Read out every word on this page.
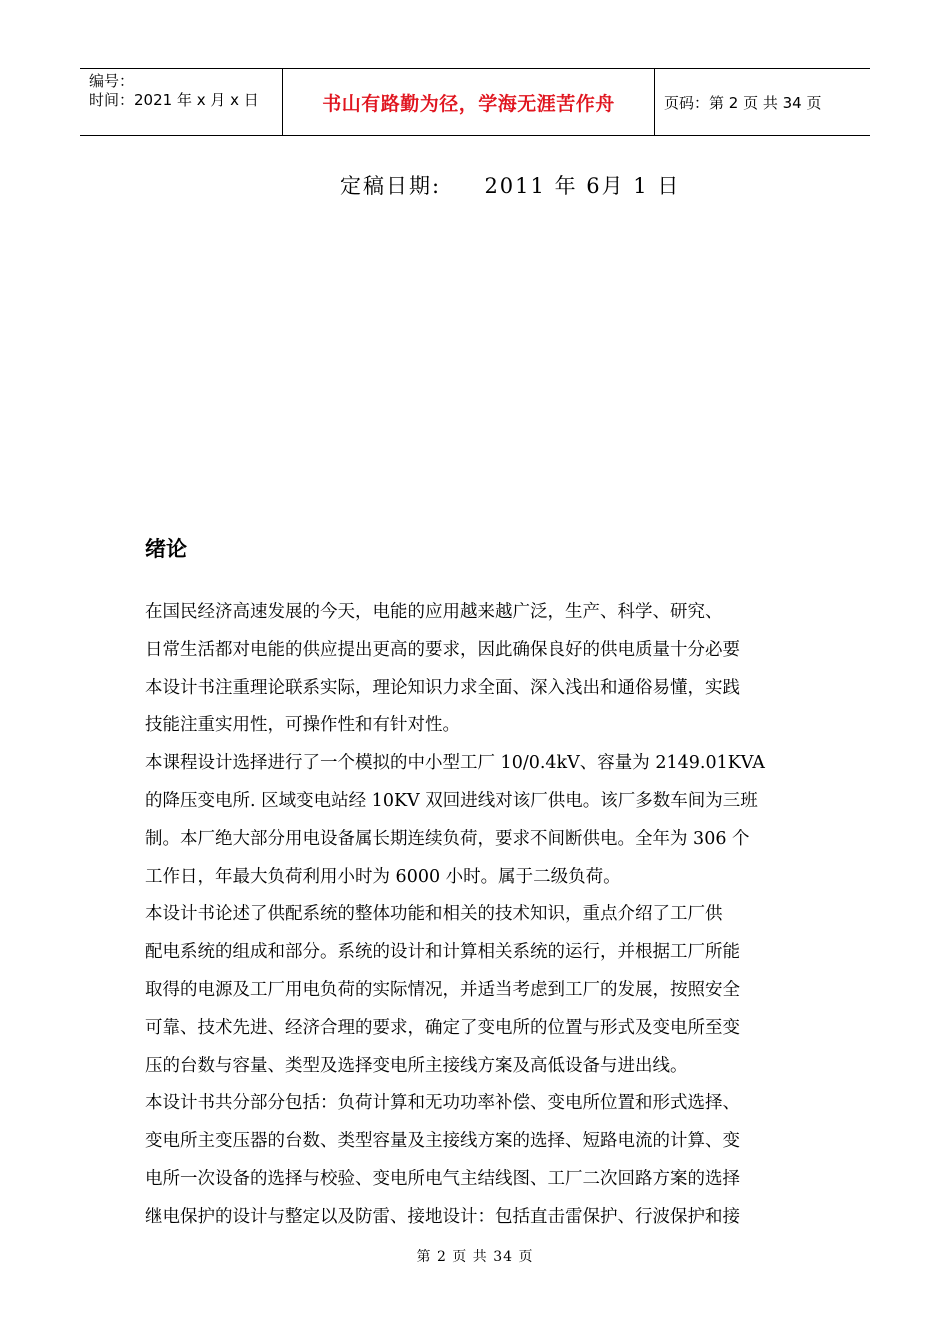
编号：
时间：2021 年 x 月 x 日	书山有路勤为径，学海无涯苦作舟	页码：第 2 页 共 34 页
定稿日期:     2011 年 6月 1 日
绪论
在国民经济高速发展的今天，电能的应用越来越广泛，生产、科学、研究、
日常生活都对电能的供应提出更高的要求，因此确保良好的供电质量十分必要
本设计书注重理论联系实际，理论知识力求全面、深入浅出和通俗易懂，实践
技能注重实用性，可操作性和有针对性。
本课程设计选择进行了一个模拟的中小型工厂 10/0.4kV、容量为 2149.01KVA
的降压变电所. 区域变电站经 10KV 双回进线对该厂供电。该厂多数车间为三班
制。本厂绝大部分用电设备属长期连续负荷，要求不间断供电。全年为 306 个
工作日，年最大负荷利用小时为 6000 小时。属于二级负荷。
本设计书论述了供配系统的整体功能和相关的技术知识，重点介绍了工厂供
配电系统的组成和部分。系统的设计和计算相关系统的运行，并根据工厂所能
取得的电源及工厂用电负荷的实际情况，并适当考虑到工厂的发展，按照安全
可靠、技术先进、经济合理的要求，确定了变电所的位置与形式及变电所至变
压的台数与容量、类型及选择变电所主接线方案及高低设备与进出线。
本设计书共分部分包括：负荷计算和无功功率补偿、变电所位置和形式选择、
变电所主变压器的台数、类型容量及主接线方案的选择、短路电流的计算、变
电所一次设备的选择与校验、变电所电气主结线图、工厂二次回路方案的选择
继电保护的设计与整定以及防雷、接地设计：包括直击雷保护、行波保护和接
第 2 页 共 34 页
